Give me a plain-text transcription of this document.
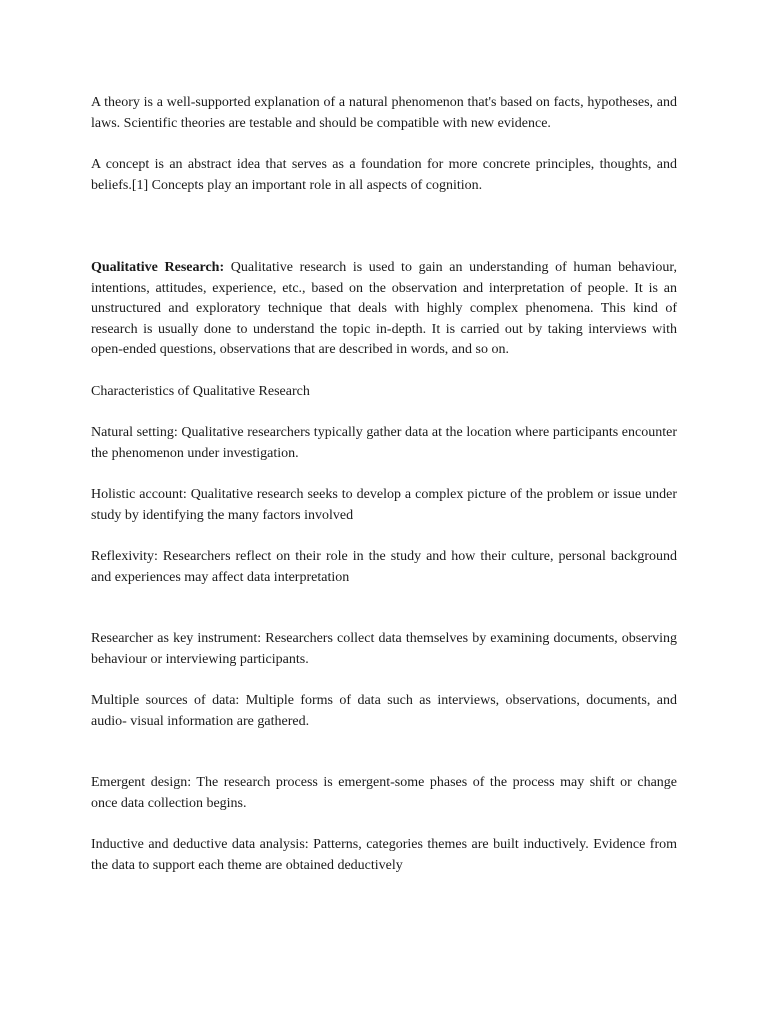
A theory is a well-supported explanation of a natural phenomenon that's based on facts, hypotheses, and laws. Scientific theories are testable and should be compatible with new evidence.

A concept is an abstract idea that serves as a foundation for more concrete principles, thoughts, and beliefs.[1] Concepts play an important role in all aspects of cognition.

Qualitative Research: Qualitative research is used to gain an understanding of human behaviour, intentions, attitudes, experience, etc., based on the observation and interpretation of people. It is an unstructured and exploratory technique that deals with highly complex phenomena. This kind of research is usually done to understand the topic in-depth. It is carried out by taking interviews with open-ended questions, observations that are described in words, and so on.

Characteristics of Qualitative Research

Natural setting: Qualitative researchers typically gather data at the location where participants encounter the phenomenon under investigation.

Holistic account: Qualitative research seeks to develop a complex picture of the problem or issue under study by identifying the many factors involved

Reflexivity: Researchers reflect on their role in the study and how their culture, personal background and experiences may affect data interpretation

Researcher as key instrument: Researchers collect data themselves by examining documents, observing behaviour or interviewing participants.

Multiple sources of data: Multiple forms of data such as interviews, observations, documents, and audio- visual information are gathered.

Emergent design: The research process is emergent-some phases of the process may shift or change once data collection begins.

Inductive and deductive data analysis: Patterns, categories themes are built inductively. Evidence from the data to support each theme are obtained deductively
